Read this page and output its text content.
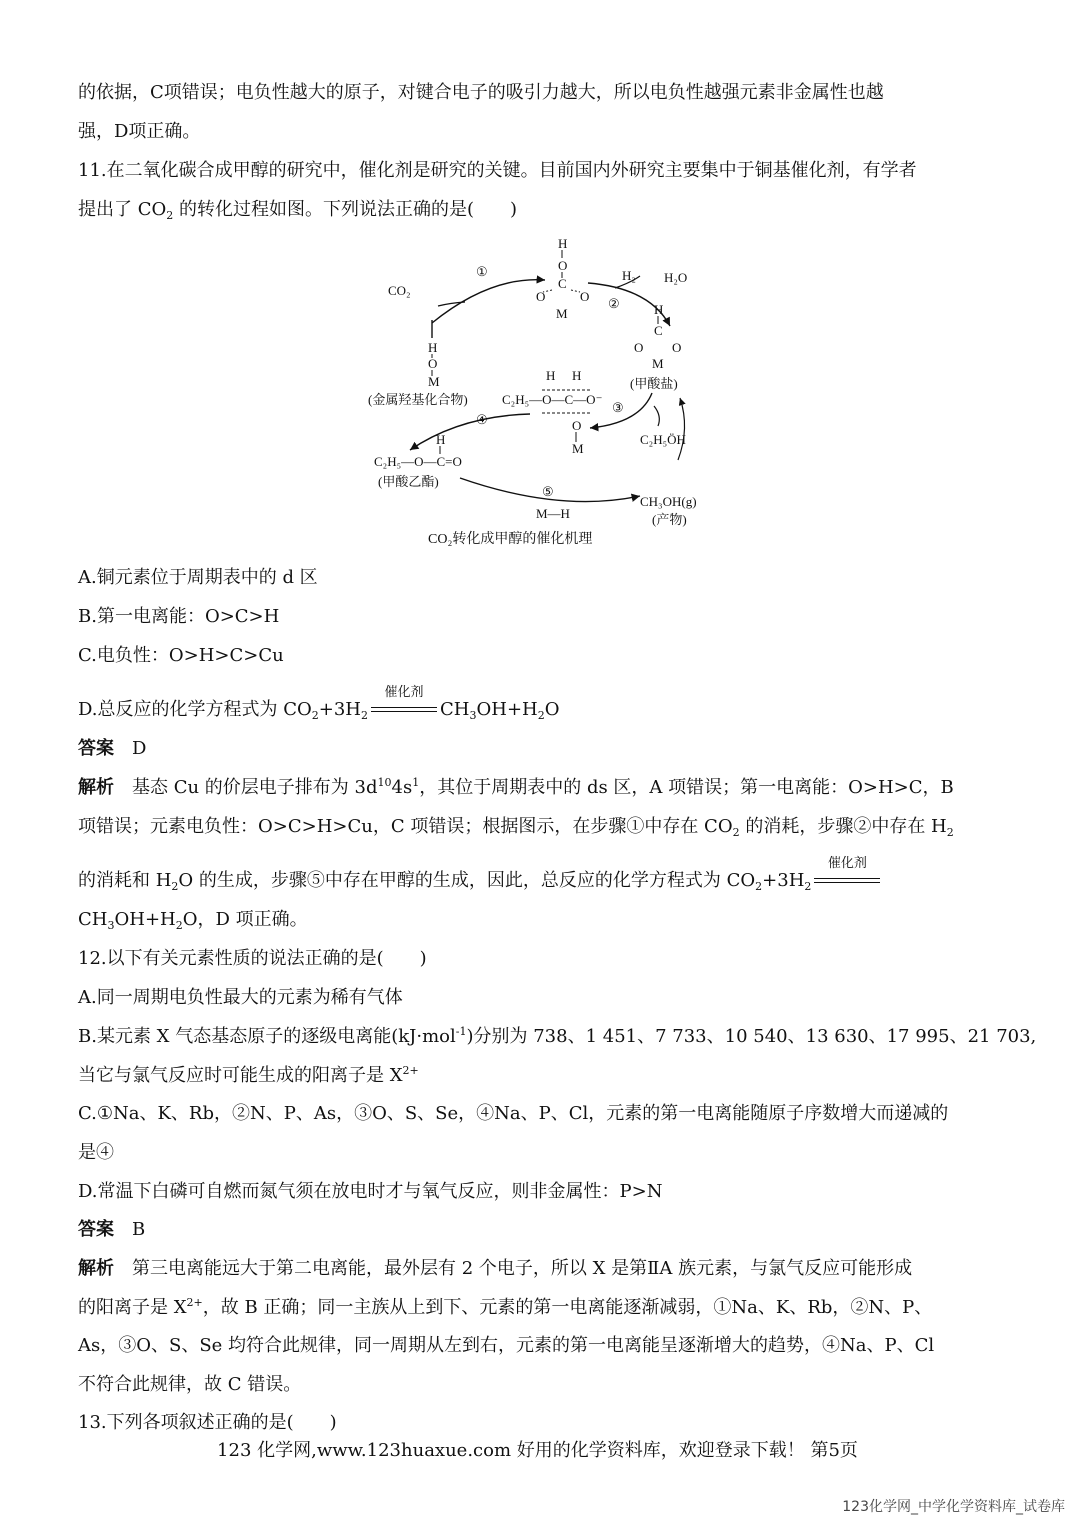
的依据，C项错误；电负性越大的原子，对键合电子的吸引力越大，所以电负性越强元素非金属性也越
强，D项正确。
11.在二氧化碳合成甲醇的研究中，催化剂是研究的关键。目前国内外研究主要集中于铜基催化剂，有学者
提出了 $CO_2$ 的转化过程如图。下列说法正确的是(　　)
CO₂
①
H
O
C
O	O
M
H₂ H₂O
②	H
C
O O
M
(甲酸盐)
H
O
M
(金属羟基化合物)
H H
C₂H₅—O—C—O⁻
O
M
③
C₂H₅ÖH
④
H
C₂H₅—O—C=O
(甲酸乙酯)
⑤
M—H
CH₃OH(g)
(产物)
CO₂转化成甲醇的催化机理
A.铜元素位于周期表中的 d 区
B.第一电离能：O>C>H
C.电负性：O>H>C>Cu
D.总反应的化学方程式为 $CO_2+3H_2$
催化剂
$CH_3OH+H_2O$
答案　 D
解析　 基态 Cu 的价层电子排布为 $3d^{10}4s^1$，其位于周期表中的 ds 区，A 项错误；第一电离能：O>H>C，B
项错误；元素电负性：O>C>H>Cu，C 项错误；根据图示，在步骤①中存在 $CO_2$ 的消耗，步骤②中存在 $H_2$
的消耗和 $H_2O$ 的生成，步骤⑤中存在甲醇的生成，因此，总反应的化学方程式为 $CO_2+3H_2$
催化剂
$CH_3OH+H_2O$，D 项正确。
12.以下有关元素性质的说法正确的是(　　)
A.同一周期电负性最大的元素为稀有气体
B.某元素 X 气态基态原子的逐级电离能(kJ·mol$^{-1}$)分别为 738、1 451、7 733、10 540、13 630、17 995、21 703,
当它与氯气反应时可能生成的阳离子是 $X^{2+}$
C.①Na、K、Rb，②N、P、As，③O、S、Se，④Na、P、Cl，元素的第一电离能随原子序数增大而递减的
是④
D.常温下白磷可自燃而氮气须在放电时才与氧气反应，则非金属性：P>N
答案　 B
解析　 第三电离能远大于第二电离能，最外层有 2 个电子，所以 X 是第ⅡA 族元素，与氯气反应可能形成
的阳离子是 $X^{2+}$，故 B 正确；同一主族从上到下、元素的第一电离能逐渐减弱，①Na、K、Rb，②N、P、
As，③O、S、Se 均符合此规律，同一周期从左到右，元素的第一电离能呈逐渐增大的趋势，④Na、P、Cl
不符合此规律，故 C 错误。
13.下列各项叙述正确的是(　　)
123 化学网,www.123huaxue.com 好用的化学资料库，欢迎登录下载！ 第5页
123化学网_中学化学资料库_试卷库
